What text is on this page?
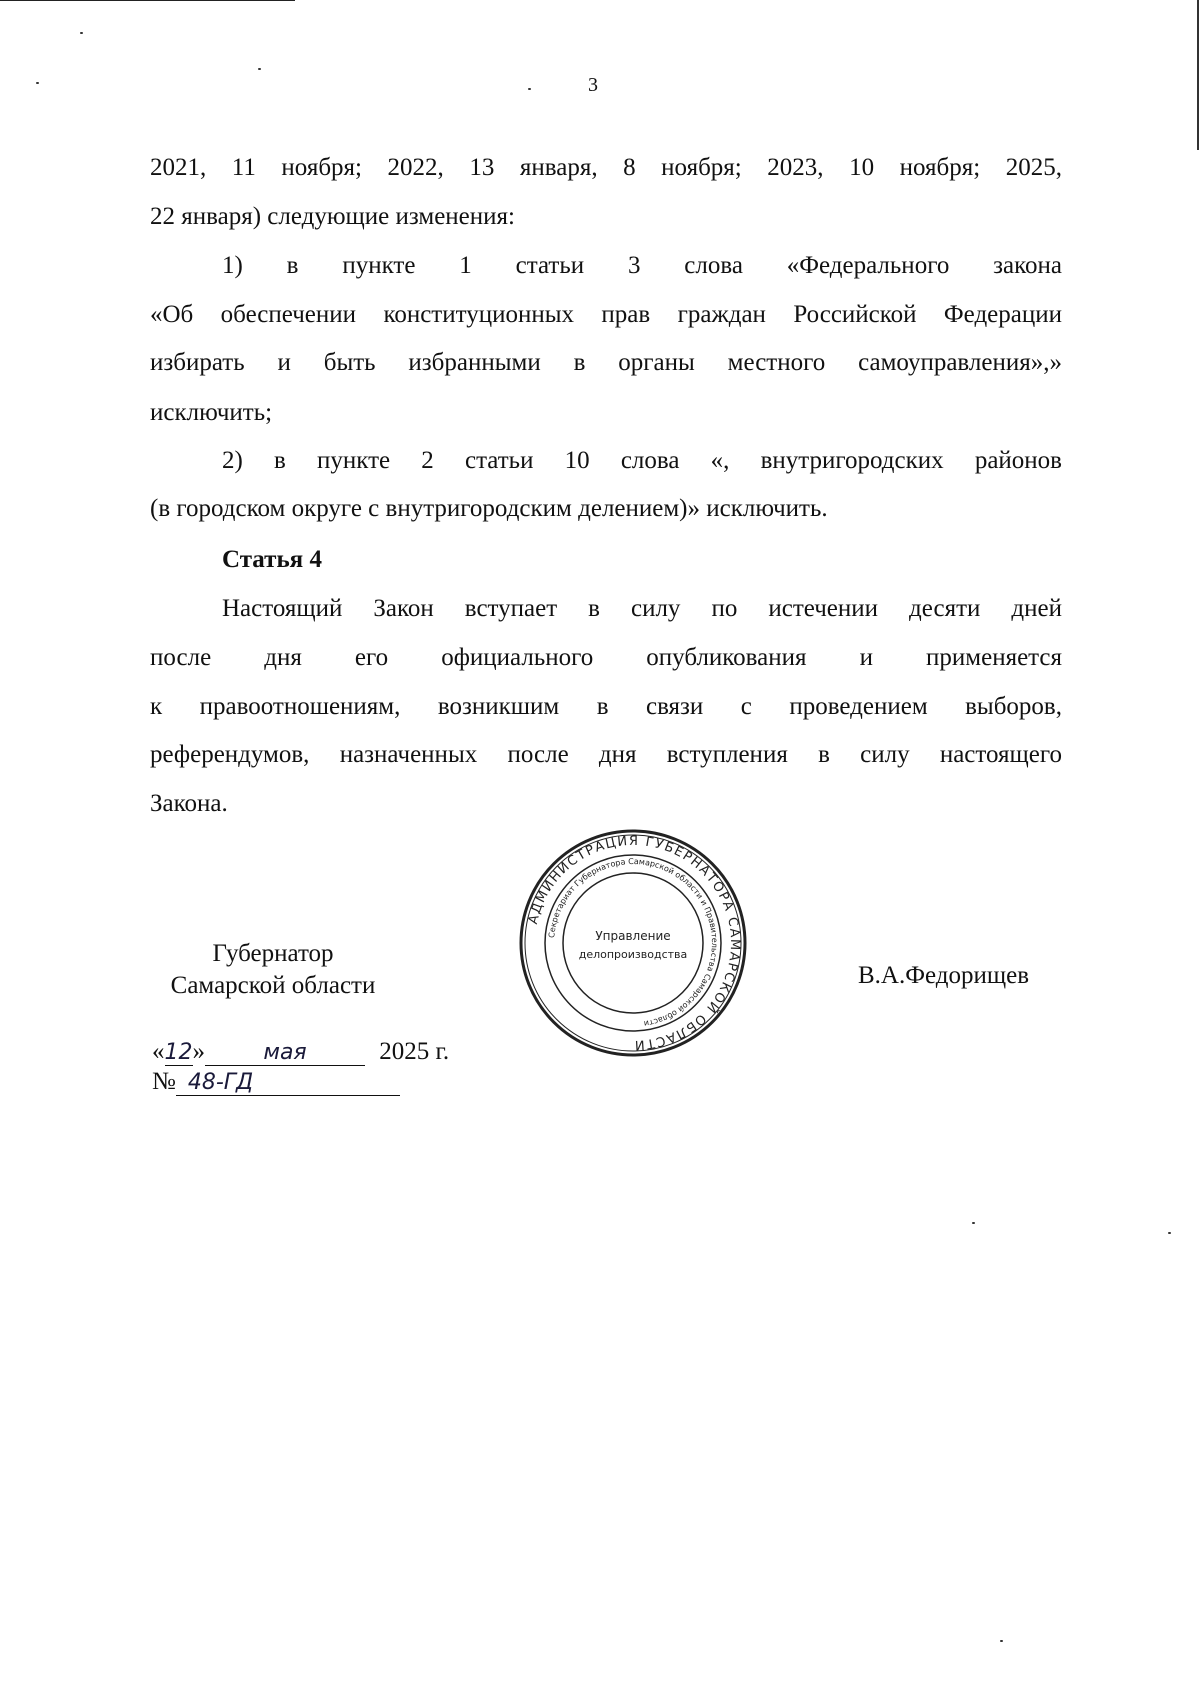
3
2021, 11 ноября; 2022, 13 января, 8 ноября; 2023, 10 ноября; 2025,
22 января) следующие изменения:
1) в пункте 1 статьи 3 слова «Федерального закона
«Об обеспечении конституционных прав граждан Российской Федерации
избирать и быть избранными в органы местного самоуправления»,»
исключить;
2) в пункте 2 статьи 10 слова «, внутригородских районов
(в городском округе с внутригородским делением)» исключить.
Статья 4
Настоящий Закон вступает в силу по истечении десяти дней
после дня его официального опубликования и применяется
к правоотношениям, возникшим в связи с проведением выборов,
референдумов, назначенных после дня вступления в силу настоящего
Закона.
Губернатор
Самарской области	В.А.Федорищев
АДМИНИСТРАЦИЯ ГУБЕРНАТОРА САМАРСКОЙ ОБЛАСТИ
Секретариат Губернатора Самарской области и Правительства Самарской области
Управление
делопроизводства
«12»	мая	2025 г.
№ 48-ГД
